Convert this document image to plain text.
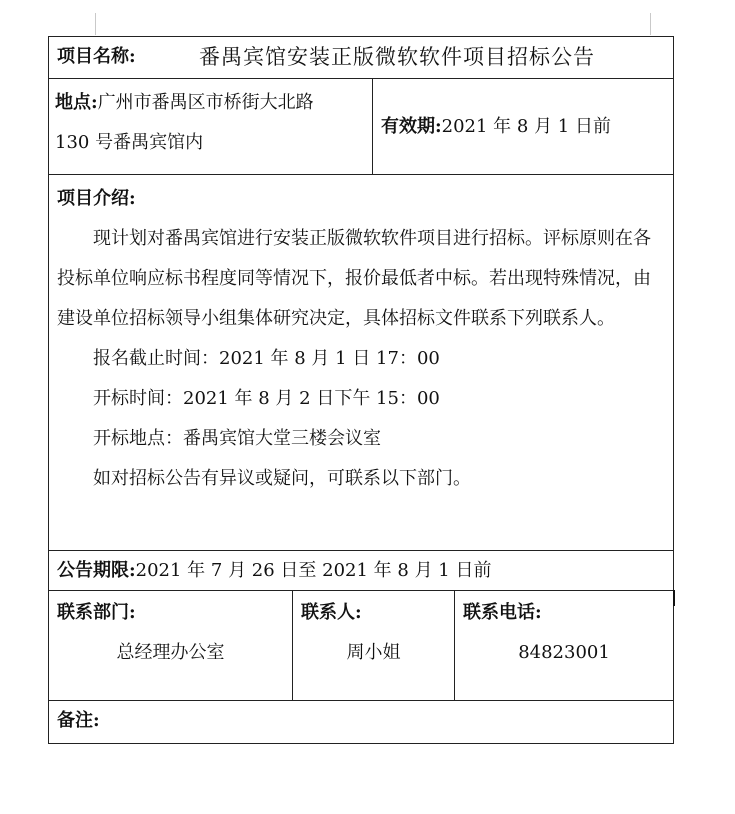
项目名称:	番禺宾馆安装正版微软软件项目招标公告
地点:广州市番禺区市桥街大北路
130 号番禺宾馆内
有效期: 2021 年 8 月 1 日前

项目介绍:

现计划对番禺宾馆进行安装正版微软软件项目进行招标。评标原则在各投标单位响应标书程度同等情况下，报价最低者中标。若出现特殊情况，由建设单位招标领导小组集体研究决定，具体招标文件联系下列联系人。

报名截止时间：2021 年 8 月 1 日 17：00

开标时间：2021 年 8 月 2 日下午 15：00

开标地点：番禺宾馆大堂三楼会议室

如对招标公告有异议或疑问，可联系以下部门。

公告期限:2021 年 7 月 26 日至 2021 年 8 月 1 日前
联系部门:
总经理办公室
联系人:
周小姐
联系电话:
84823001
备注:
